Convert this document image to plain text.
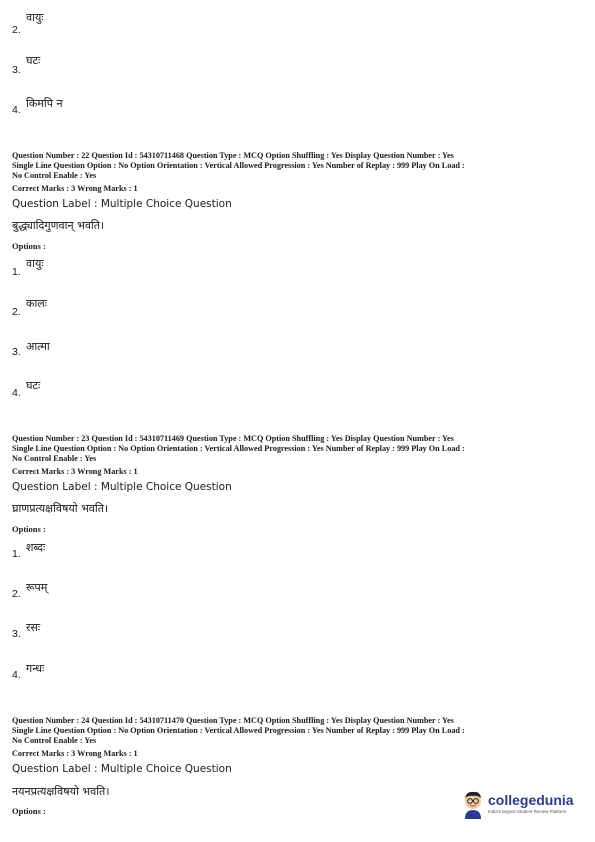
2.
वायुः
3.
घटः
4. किमपि न
Question Number : 22 Question Id : 54310711468 Question Type : MCQ Option Shuffling : Yes Display Question Number : Yes
Single Line Question Option : No Option Orientation : Vertical Allowed Progression : Yes Number of Replay : 999 Play On Load :
No Control Enable : Yes
Correct Marks : 3 Wrong Marks : 1
Question Label : Multiple Choice Question
बुद्ध्यादिगुणवान् भवति।
Options :
1.
वायुः
2.
कालः
3. आत्मा
4.
घटः
Question Number : 23 Question Id : 54310711469 Question Type : MCQ Option Shuffling : Yes Display Question Number : Yes
Single Line Question Option : No Option Orientation : Vertical Allowed Progression : Yes Number of Replay : 999 Play On Load :
No Control Enable : Yes
Correct Marks : 3 Wrong Marks : 1
Question Label : Multiple Choice Question
घ्राणप्रत्यक्षविषयो भवति।
Options :
1. शब्दः
2. रूपम्
3. रसः
4. गन्धः
Question Number : 24 Question Id : 54310711470 Question Type : MCQ Option Shuffling : Yes Display Question Number : Yes
Single Line Question Option : No Option Orientation : Vertical Allowed Progression : Yes Number of Replay : 999 Play On Load :
No Control Enable : Yes
Correct Marks : 3 Wrong Marks : 1
Question Label : Multiple Choice Question
नयनप्रत्यक्षविषयो भवति।
Options :
collegedunia
India's largest Student Review Platform
